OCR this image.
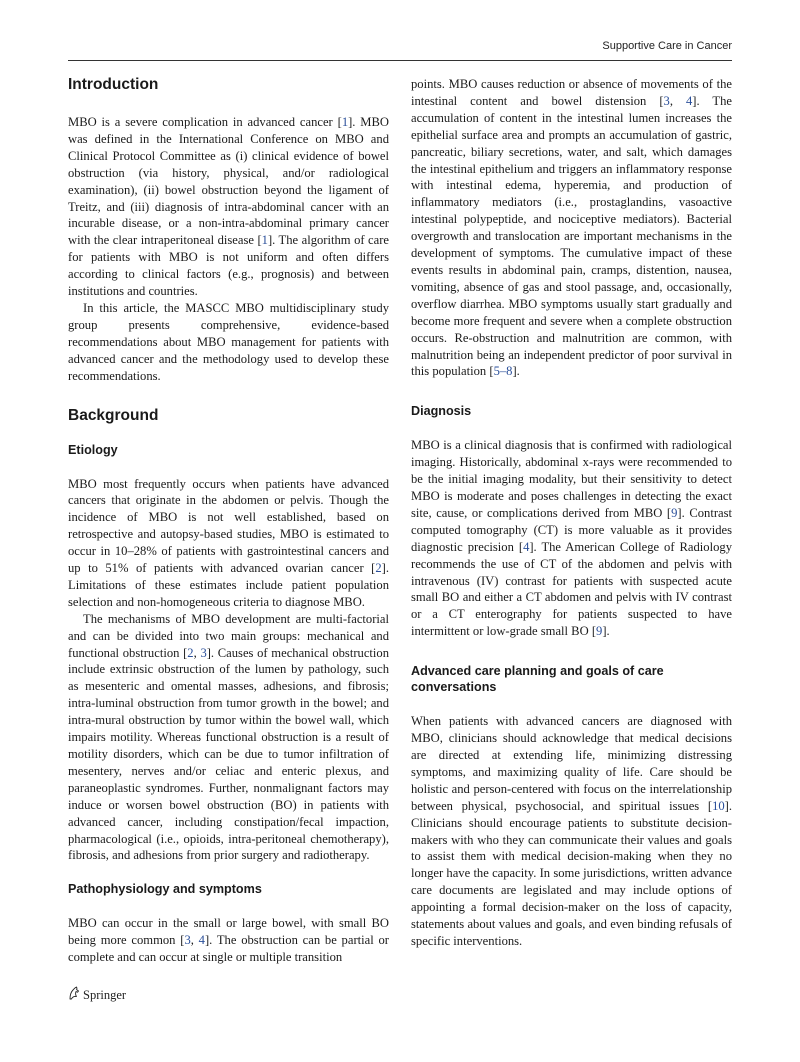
Supportive Care in Cancer
Introduction

MBO is a severe complication in advanced cancer [1]. MBO was defined in the International Conference on MBO and Clinical Protocol Committee as (i) clinical evidence of bowel obstruction (via history, physical, and/or radiological examination), (ii) bowel obstruction beyond the ligament of Treitz, and (iii) diagnosis of intra-abdominal cancer with an incurable disease, or a non-intra-abdominal primary cancer with the clear intraperitoneal disease [1]. The algorithm of care for patients with MBO is not uniform and often differs according to clinical factors (e.g., prognosis) and between institutions and countries.

In this article, the MASCC MBO multidisciplinary study group presents comprehensive, evidence-based recommendations about MBO management for patients with advanced cancer and the methodology used to develop these recommendations.

Background
Etiology

MBO most frequently occurs when patients have advanced cancers that originate in the abdomen or pelvis. Though the incidence of MBO is not well established, based on retrospective and autopsy-based studies, MBO is estimated to occur in 10–28% of patients with gastrointestinal cancers and up to 51% of patients with advanced ovarian cancer [2]. Limitations of these estimates include patient population selection and non-homogeneous criteria to diagnose MBO.

The mechanisms of MBO development are multi-factorial and can be divided into two main groups: mechanical and functional obstruction [2, 3]. Causes of mechanical obstruction include extrinsic obstruction of the lumen by pathology, such as mesenteric and omental masses, adhesions, and fibrosis; intra-luminal obstruction from tumor growth in the bowel; and intra-mural obstruction by tumor within the bowel wall, which impairs motility. Whereas functional obstruction is a result of motility disorders, which can be due to tumor infiltration of mesentery, nerves and/or celiac and enteric plexus, and paraneoplastic syndromes. Further, nonmalignant factors may induce or worsen bowel obstruction (BO) in patients with advanced cancer, including constipation/fecal impaction, pharmacological (i.e., opioids, intra-peritoneal chemotherapy), fibrosis, and adhesions from prior surgery and radiotherapy.

Pathophysiology and symptoms

MBO can occur in the small or large bowel, with small BO being more common [3, 4]. The obstruction can be partial or complete and can occur at single or multiple transition

points. MBO causes reduction or absence of movements of the intestinal content and bowel distension [3, 4]. The accumulation of content in the intestinal lumen increases the epithelial surface area and prompts an accumulation of gastric, pancreatic, biliary secretions, water, and salt, which damages the intestinal epithelium and triggers an inflammatory response with intestinal edema, hyperemia, and production of inflammatory mediators (i.e., prostaglandins, vasoactive intestinal polypeptide, and nociceptive mediators). Bacterial overgrowth and translocation are important mechanisms in the development of symptoms. The cumulative impact of these events results in abdominal pain, cramps, distention, nausea, vomiting, absence of gas and stool passage, and, occasionally, overflow diarrhea. MBO symptoms usually start gradually and become more frequent and severe when a complete obstruction occurs. Re-obstruction and malnutrition are common, with malnutrition being an independent predictor of poor survival in this population [5–8].

Diagnosis

MBO is a clinical diagnosis that is confirmed with radiological imaging. Historically, abdominal x-rays were recommended to be the initial imaging modality, but their sensitivity to detect MBO is moderate and poses challenges in detecting the exact site, cause, or complications derived from MBO [9]. Contrast computed tomography (CT) is more valuable as it provides diagnostic precision [4]. The American College of Radiology recommends the use of CT of the abdomen and pelvis with intravenous (IV) contrast for patients with suspected acute small BO and either a CT abdomen and pelvis with IV contrast or a CT enterography for patients suspected to have intermittent or low-grade small BO [9].

Advanced care planning and goals of care conversations

When patients with advanced cancers are diagnosed with MBO, clinicians should acknowledge that medical decisions are directed at extending life, minimizing distressing symptoms, and maximizing quality of life. Care should be holistic and person-centered with focus on the interrelationship between physical, psychosocial, and spiritual issues [10]. Clinicians should encourage patients to substitute decision-makers with who they can communicate their values and goals to assist them with medical decision-making when they no longer have the capacity. In some jurisdictions, written advance care documents are legislated and may include options of appointing a formal decision-maker on the loss of capacity, statements about values and goals, and even binding refusals of specific interventions.

Springer
